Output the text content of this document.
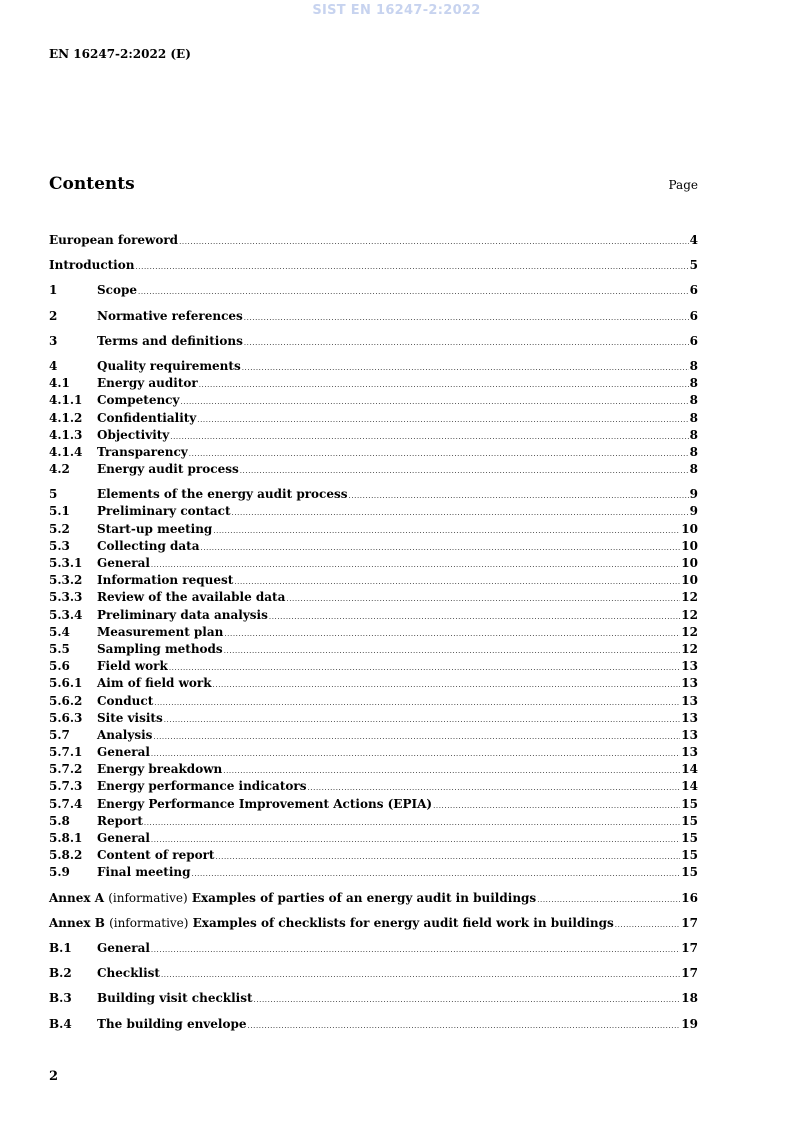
SIST EN 16247-2:2022
EN 16247-2:2022 (E)
Contents	Page
European foreword .....	4
Introduction .....	5
1	Scope .....	6
2	Normative references .....	6
3	Terms and definitions .....	6
4	Quality requirements .....	8
4.1	Energy auditor .....	8
4.1.1	Competency .....	8
4.1.2	Confidentiality .....	8
4.1.3	Objectivity .....	8
4.1.4	Transparency .....	8
4.2	Energy audit process .....	8
5	Elements of the energy audit process .....	9
5.1	Preliminary contact .....	9
5.2	Start-up meeting .....	10
5.3	Collecting data .....	10
5.3.1	General .....	10
5.3.2	Information request .....	10
5.3.3	Review of the available data .....	12
5.3.4	Preliminary data analysis .....	12
5.4	Measurement plan .....	12
5.5	Sampling methods .....	12
5.6	Field work .....	13
5.6.1	Aim of field work .....	13
5.6.2	Conduct .....	13
5.6.3	Site visits .....	13
5.7	Analysis .....	13
5.7.1	General .....	13
5.7.2	Energy breakdown .....	14
5.7.3	Energy performance indicators .....	14
5.7.4	Energy Performance Improvement Actions (EPIA) .....	15
5.8	Report .....	15
5.8.1	General .....	15
5.8.2	Content of report .....	15
5.9	Final meeting .....	15
Annex A (informative) Examples of parties of an energy audit in buildings .....	16
Annex B (informative) Examples of checklists for energy audit field work in buildings .....	17
B.1	General .....	17
B.2	Checklist .....	17
B.3	Building visit checklist .....	18
B.4	The building envelope .....	19
2
